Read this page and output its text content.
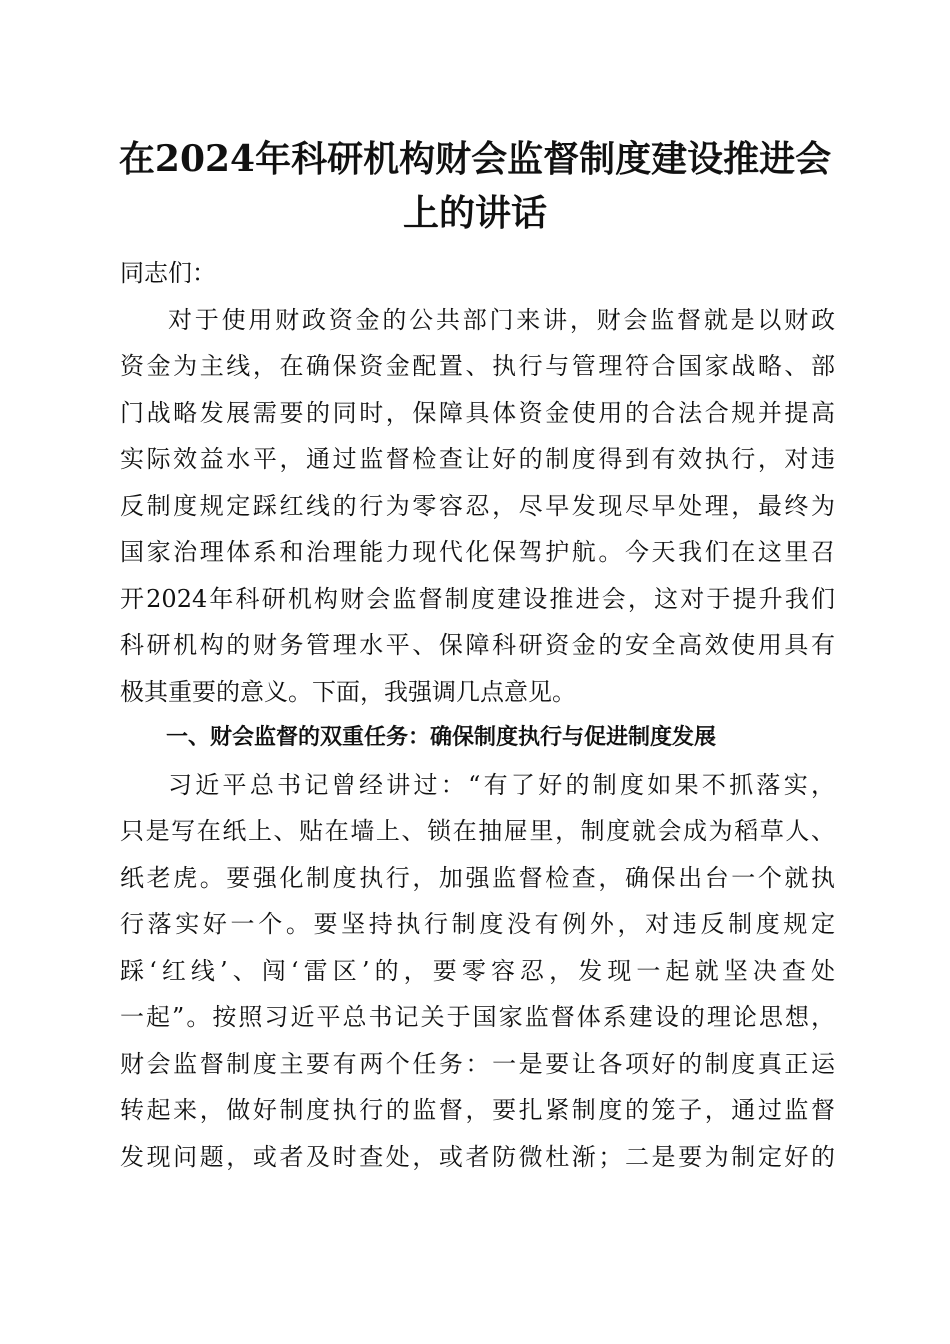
在2024年科研机构财会监督制度建设推进会
上的讲话
同志们：
对于使用财政资金的公共部门来讲，财会监督就是以财政
资金为主线，在确保资金配置、执行与管理符合国家战略、部
门战略发展需要的同时，保障具体资金使用的合法合规并提高
实际效益水平，通过监督检查让好的制度得到有效执行，对违
反制度规定踩红线的行为零容忍，尽早发现尽早处理，最终为
国家治理体系和治理能力现代化保驾护航。今天我们在这里召
开2024年科研机构财会监督制度建设推进会，这对于提升我们
科研机构的财务管理水平、保障科研资金的安全高效使用具有
极其重要的意义。下面，我强调几点意见。
一、财会监督的双重任务：确保制度执行与促进制度发展
习近平总书记曾经讲过：“有了好的制度如果不抓落实，
只是写在纸上、贴在墙上、锁在抽屉里，制度就会成为稻草人、
纸老虎。要强化制度执行，加强监督检查，确保出台一个就执
行落实好一个。要坚持执行制度没有例外，对违反制度规定
踩‘红线’、闯‘雷区’的，要零容忍，发现一起就坚决查处
一起”。按照习近平总书记关于国家监督体系建设的理论思想，
财会监督制度主要有两个任务：一是要让各项好的制度真正运
转起来，做好制度执行的监督，要扎紧制度的笼子，通过监督
发现问题，或者及时查处，或者防微杜渐；二是要为制定好的
